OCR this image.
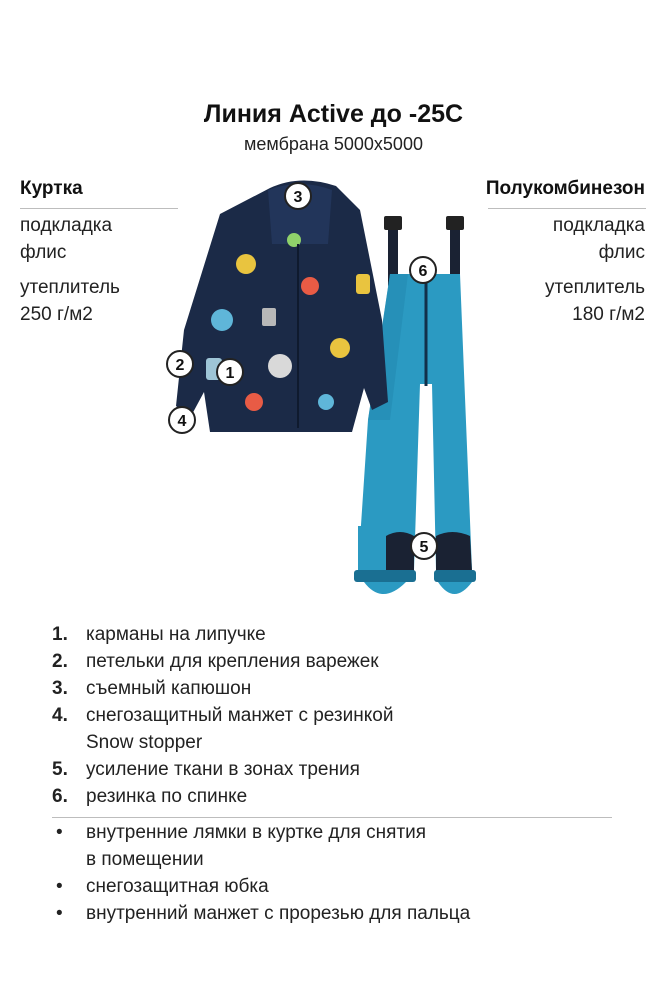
Линия Active до -25С
мембрана 5000x5000
Куртка
подкладка
флис
утеплитель
250 г/м2
Полукомбинезон
подкладка
флис
утеплитель
180 г/м2
1
2
3
4
5
6
1. карманы на липучке
2. петельки для крепления варежек
3. съемный капюшон
4. снегозащитный манжет с резинкой
Snow stopper
5. усиление ткани в зонах трения
6. резинка по спинке
•	внутренние лямки в куртке для снятия
в помещении
•	снегозащитная юбка
•	внутренний манжет с прорезью для пальца
